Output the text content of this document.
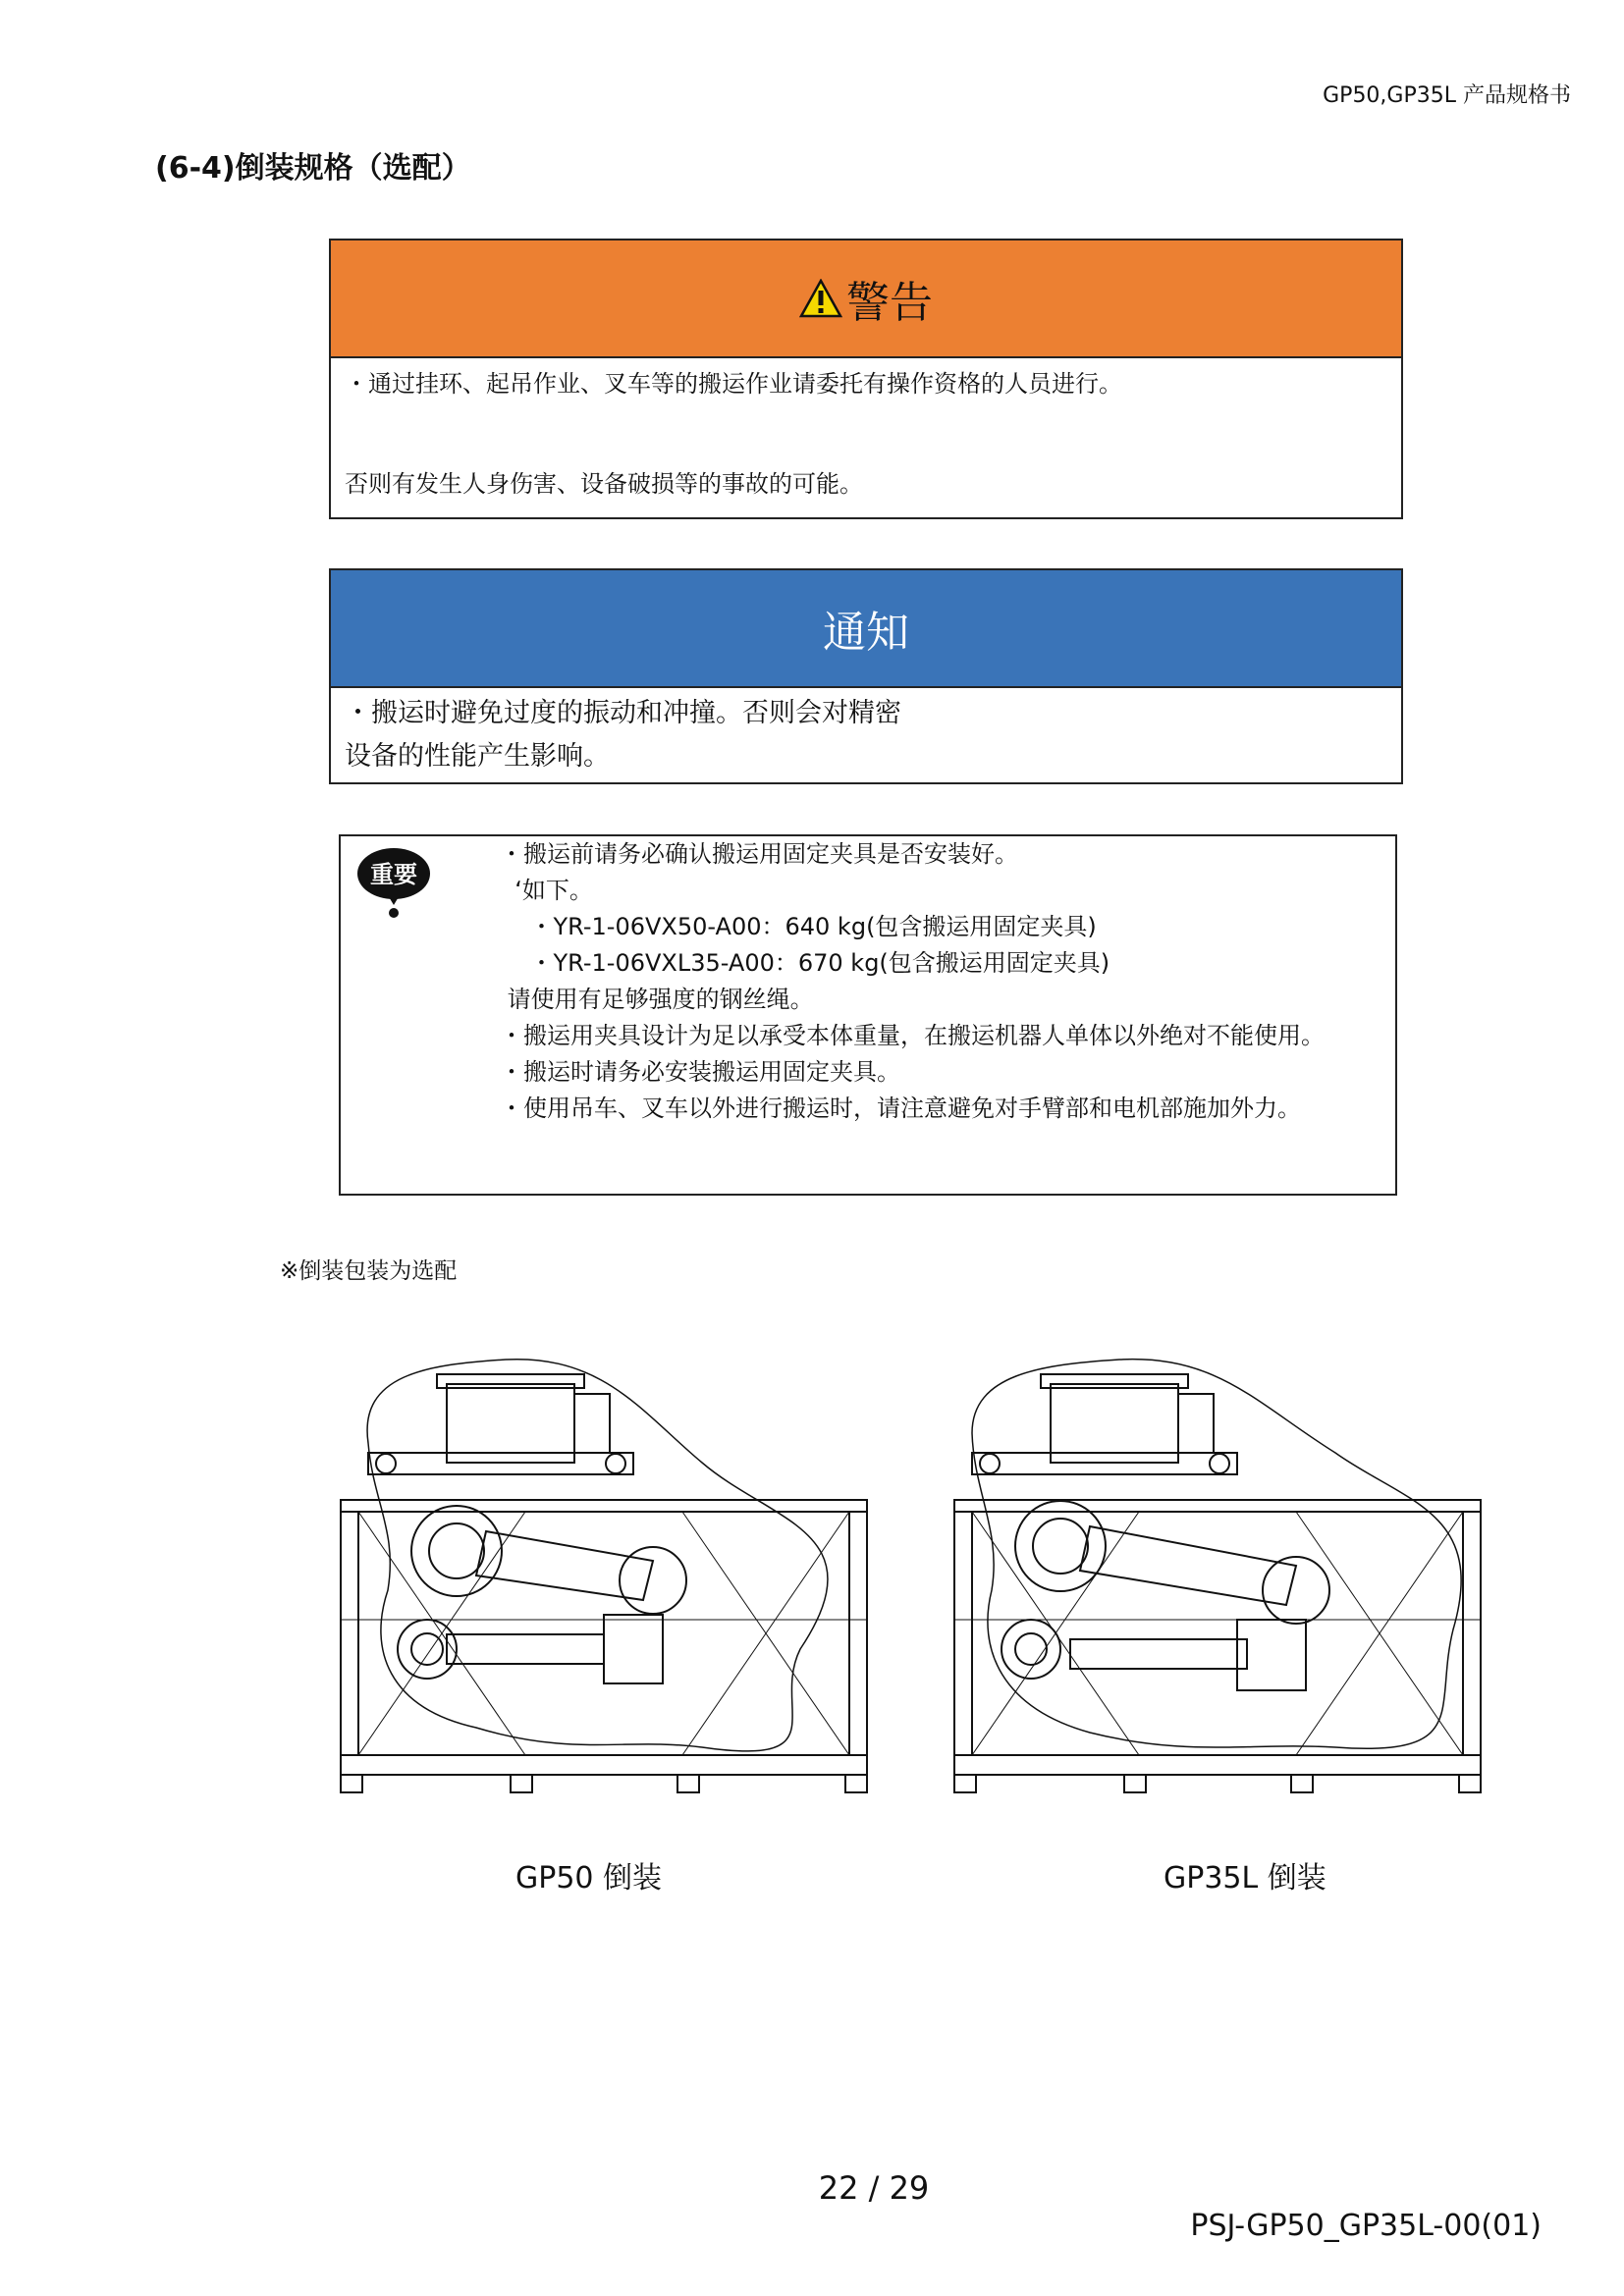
GP50,GP35L 产品规格书
(6-4)倒装规格（选配）
警告
・通过挂环、起吊作业、叉车等的搬运作业请委托有操作资格的人员进行。
否则有发生人身伤害、设备破损等的事故的可能。
通知
・搬运时避免过度的振动和冲撞。否则会对精密
设备的性能产生影响。
重要
・搬运前请务必确认搬运用固定夹具是否安装好。
ʻ如下。
・YR-1-06VX50-A00：640 kg(包含搬运用固定夹具)
・YR-1-06VXL35-A00：670 kg(包含搬运用固定夹具)
请使用有足够强度的钢丝绳。
・搬运用夹具设计为足以承受本体重量，在搬运机器人单体以外绝对不能使用。
・搬运时请务必安装搬运用固定夹具。
・使用吊车、叉车以外进行搬运时，请注意避免对手臂部和电机部施加外力。
※倒装包装为选配
GP50 倒装	GP35L 倒装
22 / 29
PSJ-GP50_GP35L-00(01)
